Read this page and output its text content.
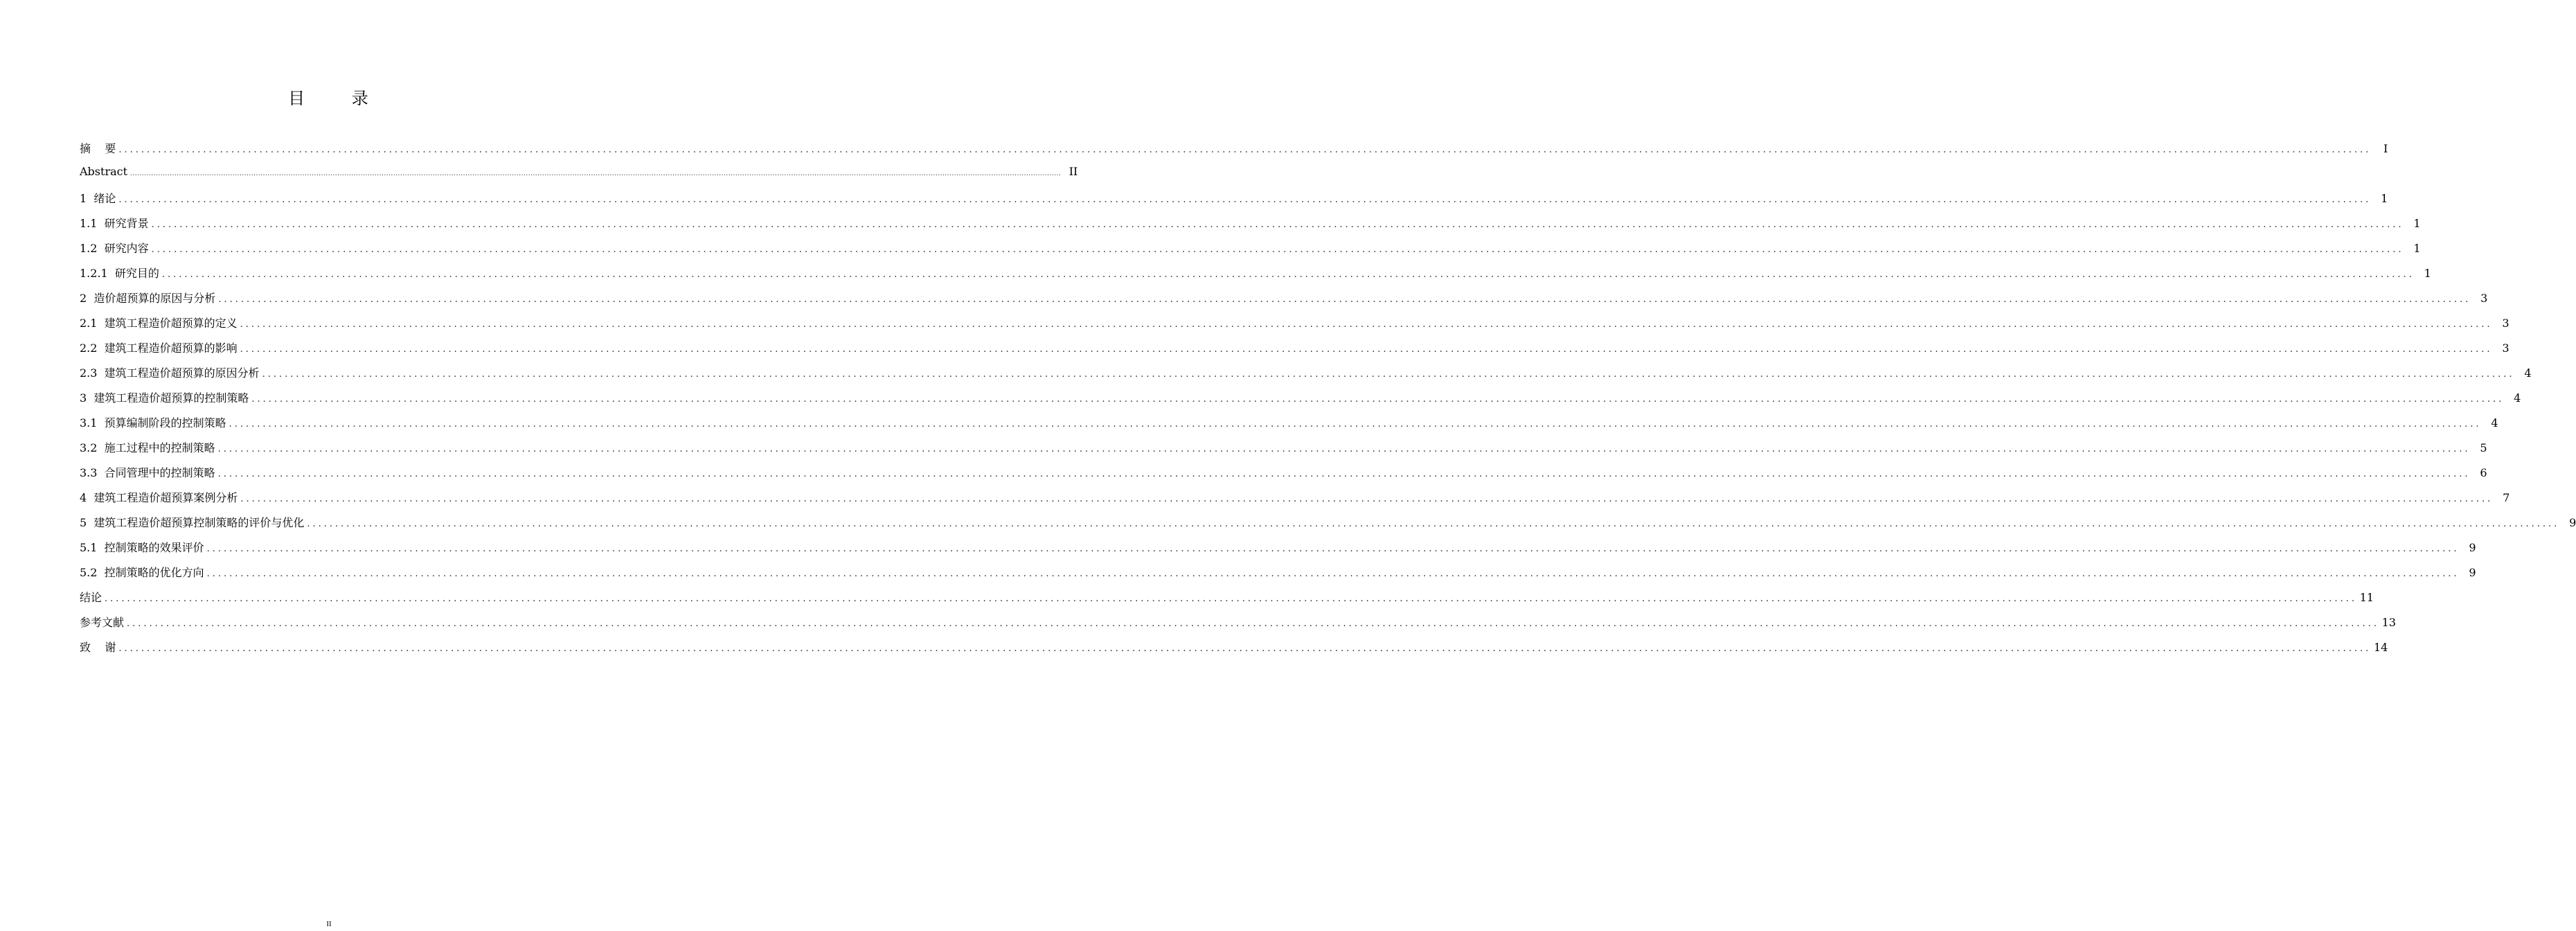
目 录
摘    要 ................................................................................................................................................................................................................................................................................................................................................................................................................	I
Abstract ................................................................................................................................................................................................................................................................................................................................................................................................................ II
1  绪论 ................................................................................................................................................................................................................................................................................................................................................................................................................ 1
1.1  研究背景 ................................................................................................................................................................................................................................................................................................................................................................................................................ 1
1.2  研究内容 ................................................................................................................................................................................................................................................................................................................................................................................................................ 1
1.2.1  研究目的 ................................................................................................................................................................................................................................................................................................................................................................................................................ 1
2  造价超预算的原因与分析 ................................................................................................................................................................................................................................................................................................................................................................................................................ 3
2.1  建筑工程造价超预算的定义 ................................................................................................................................................................................................................................................................................................................................................................................................................ 3
2.2  建筑工程造价超预算的影响 ................................................................................................................................................................................................................................................................................................................................................................................................................ 3
2.3  建筑工程造价超预算的原因分析 ................................................................................................................................................................................................................................................................................................................................................................................................................ 4
3  建筑工程造价超预算的控制策略 ................................................................................................................................................................................................................................................................................................................................................................................................................ 4
3.1  预算编制阶段的控制策略 ................................................................................................................................................................................................................................................................................................................................................................................................................ 4
3.2  施工过程中的控制策略 ................................................................................................................................................................................................................................................................................................................................................................................................................ 5
3.3  合同管理中的控制策略 ................................................................................................................................................................................................................................................................................................................................................................................................................ 6
4  建筑工程造价超预算案例分析 ................................................................................................................................................................................................................................................................................................................................................................................................................ 7
5  建筑工程造价超预算控制策略的评价与优化 ................................................................................................................................................................................................................................................................................................................................................................................................................ 9
5.1  控制策略的效果评价 ................................................................................................................................................................................................................................................................................................................................................................................................................ 9
5.2  控制策略的优化方向 ................................................................................................................................................................................................................................................................................................................................................................................................................ 9
结论 ................................................................................................................................................................................................................................................................................................................................................................................................................ 11
参考文献 ................................................................................................................................................................................................................................................................................................................................................................................................................ 13
致    谢 ................................................................................................................................................................................................................................................................................................................................................................................................................ 14
II
